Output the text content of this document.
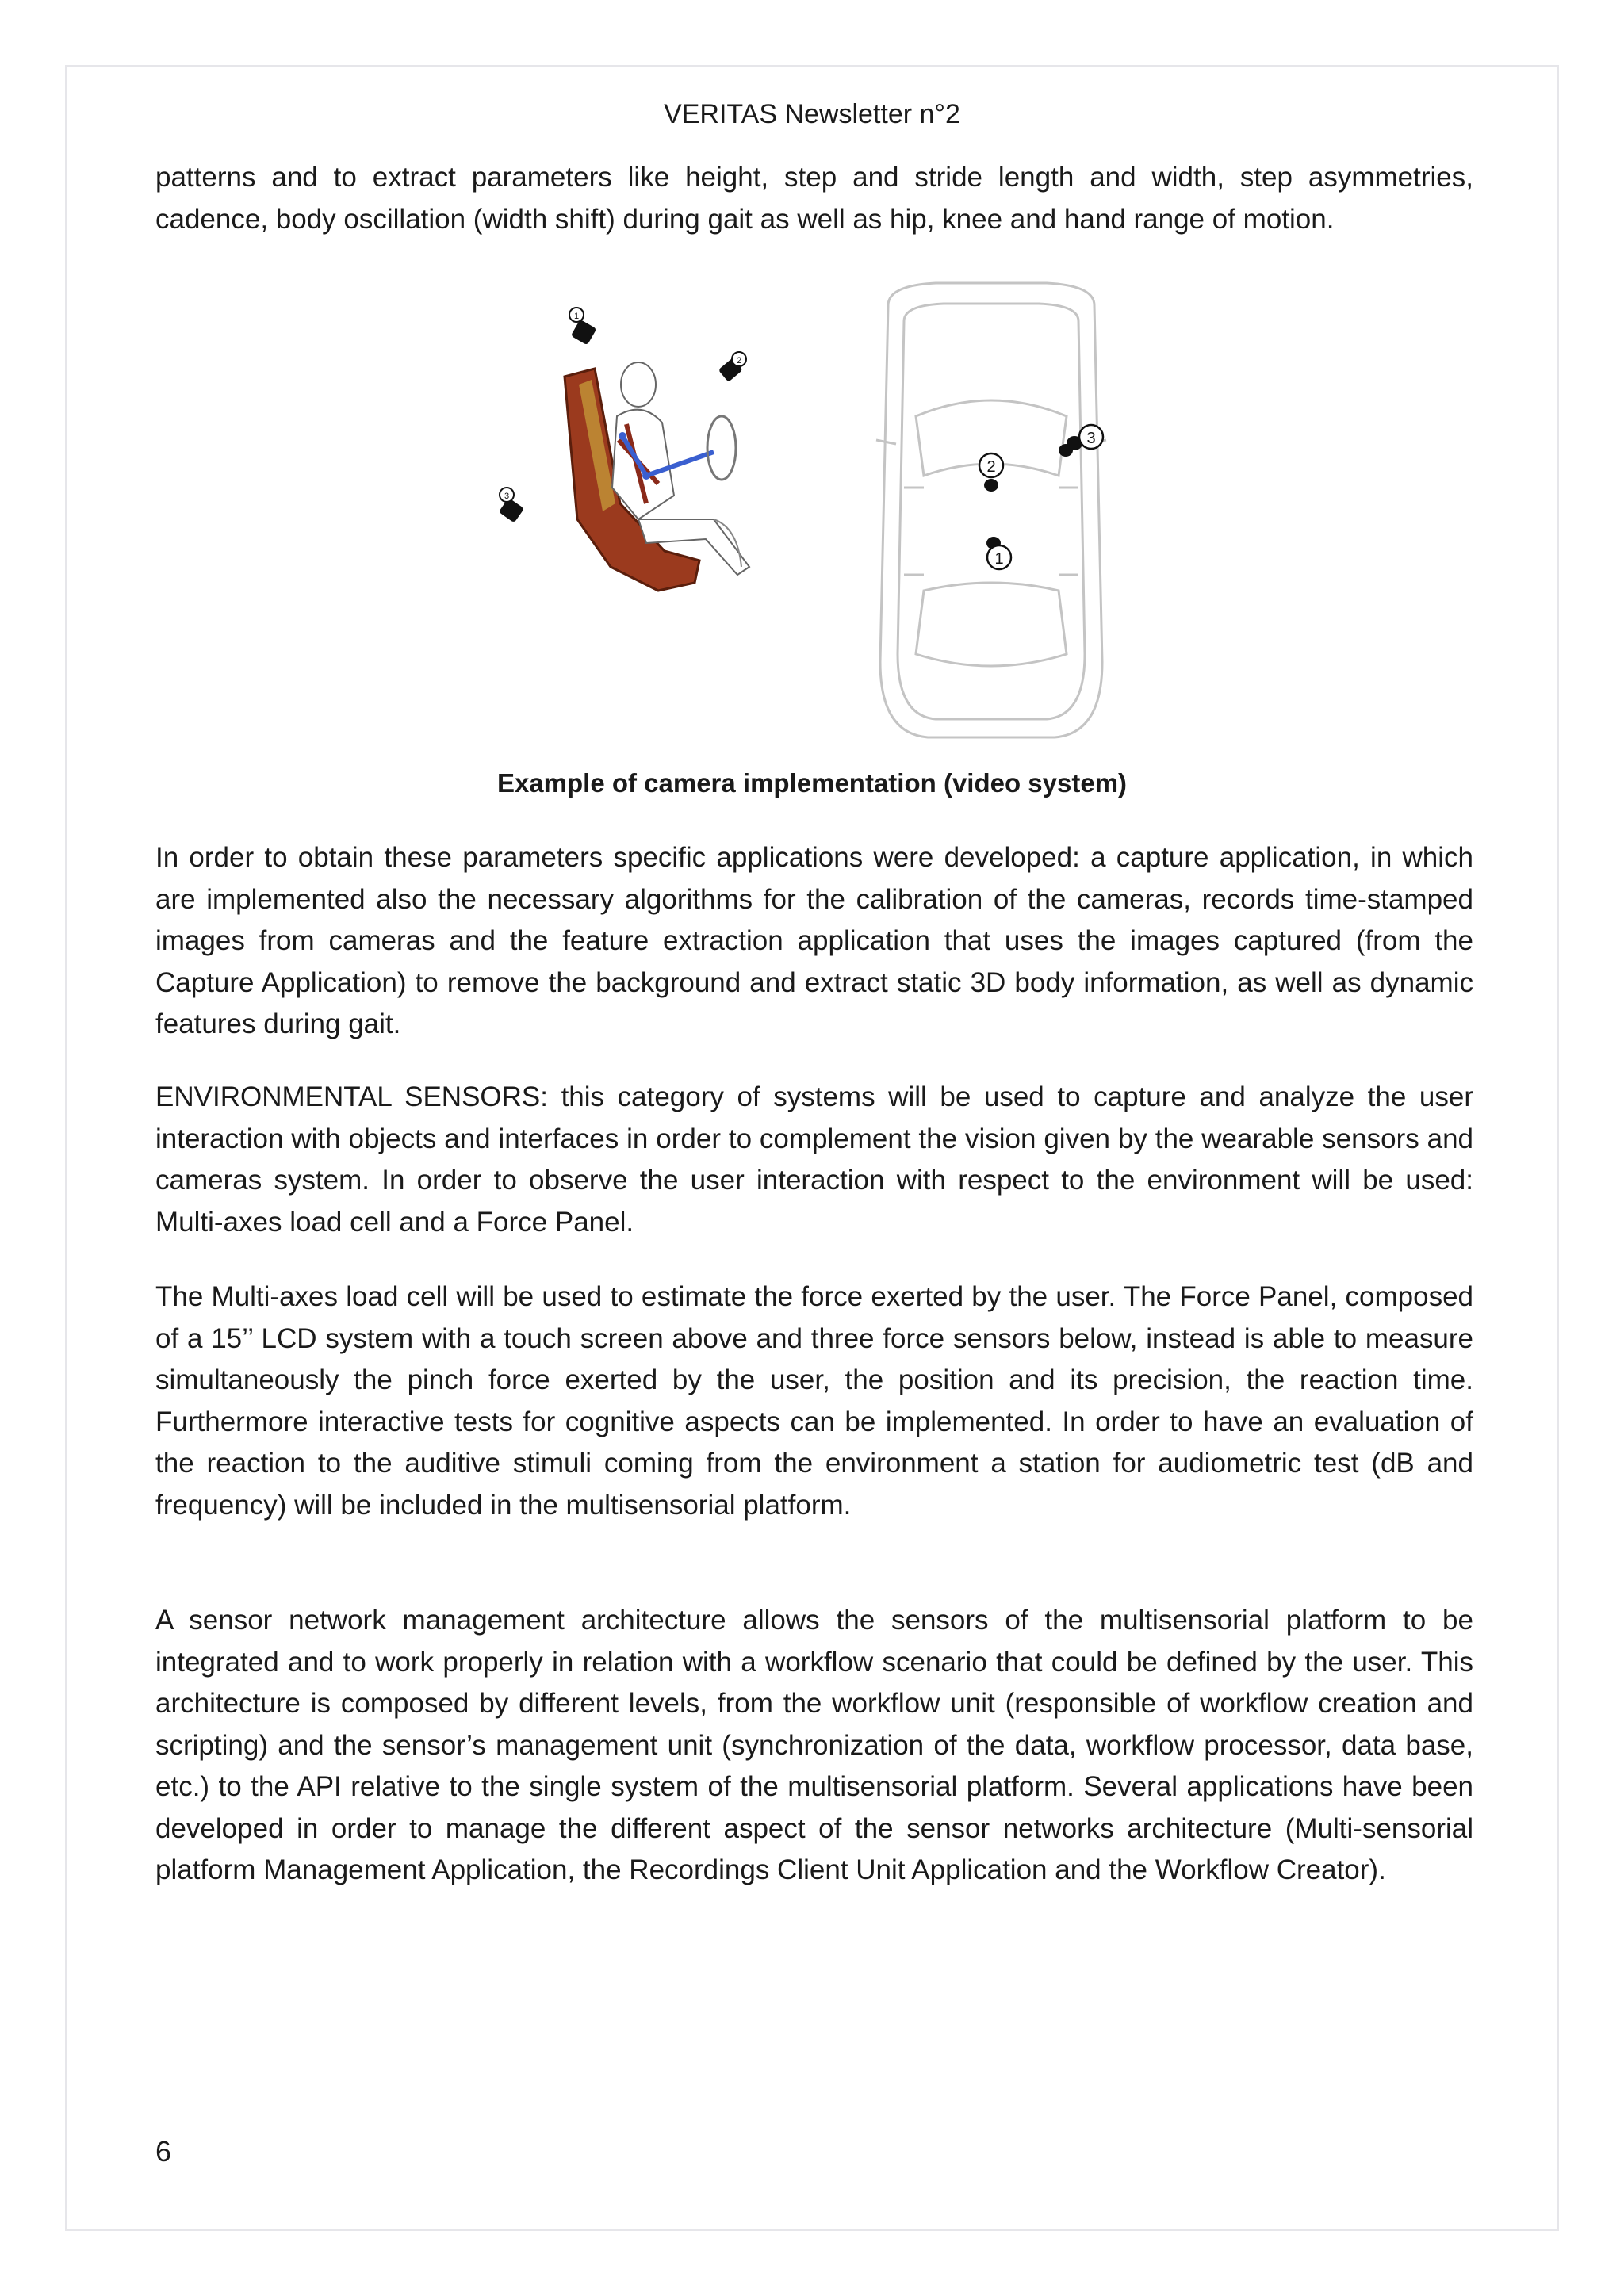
VERITAS Newsletter n°2

patterns and to extract parameters like height, step and stride length and width, step asymmetries, cadence, body oscillation (width shift) during gait as well as hip, knee and hand range of motion.

1
2
3
2
1
3
Example of camera implementation (video system)

In order to obtain these parameters specific applications were developed: a capture application, in which are implemented also the necessary algorithms for the calibration of the cameras, records time-stamped images from cameras and the feature extraction application that uses the images captured (from the Capture Application) to remove the background and extract static 3D body information, as well as dynamic features during gait.

ENVIRONMENTAL SENSORS: this category of systems will be used to capture and analyze the user interaction with objects and interfaces in order to complement the vision given by the wearable sensors and cameras system. In order to observe the user interaction with respect to the environment will be used: Multi-axes load cell and a Force Panel.

The Multi-axes load cell will be used to estimate the force exerted by the user. The Force Panel, composed of a 15’’ LCD system with a touch screen above and three force sensors below, instead is able to measure simultaneously the pinch force exerted by the user, the position and its precision, the reaction time. Furthermore interactive tests for cognitive aspects can be implemented. In order to have an evaluation of the reaction to the auditive stimuli coming from the environment a station for audiometric test (dB and frequency) will be included in the multisensorial platform.

A sensor network management architecture allows the sensors of the multisensorial platform to be integrated and to work properly in relation with a workflow scenario that could be defined by the user. This architecture is composed by different levels, from the workflow unit (responsible of workflow creation and scripting) and the sensor’s management unit (synchronization of the data, workflow processor, data base, etc.) to the API relative to the single system of the multisensorial platform. Several applications have been developed in order to manage the different aspect of the sensor networks architecture (Multi-sensorial platform Management Application, the Recordings Client Unit Application and the Workflow Creator).

6
